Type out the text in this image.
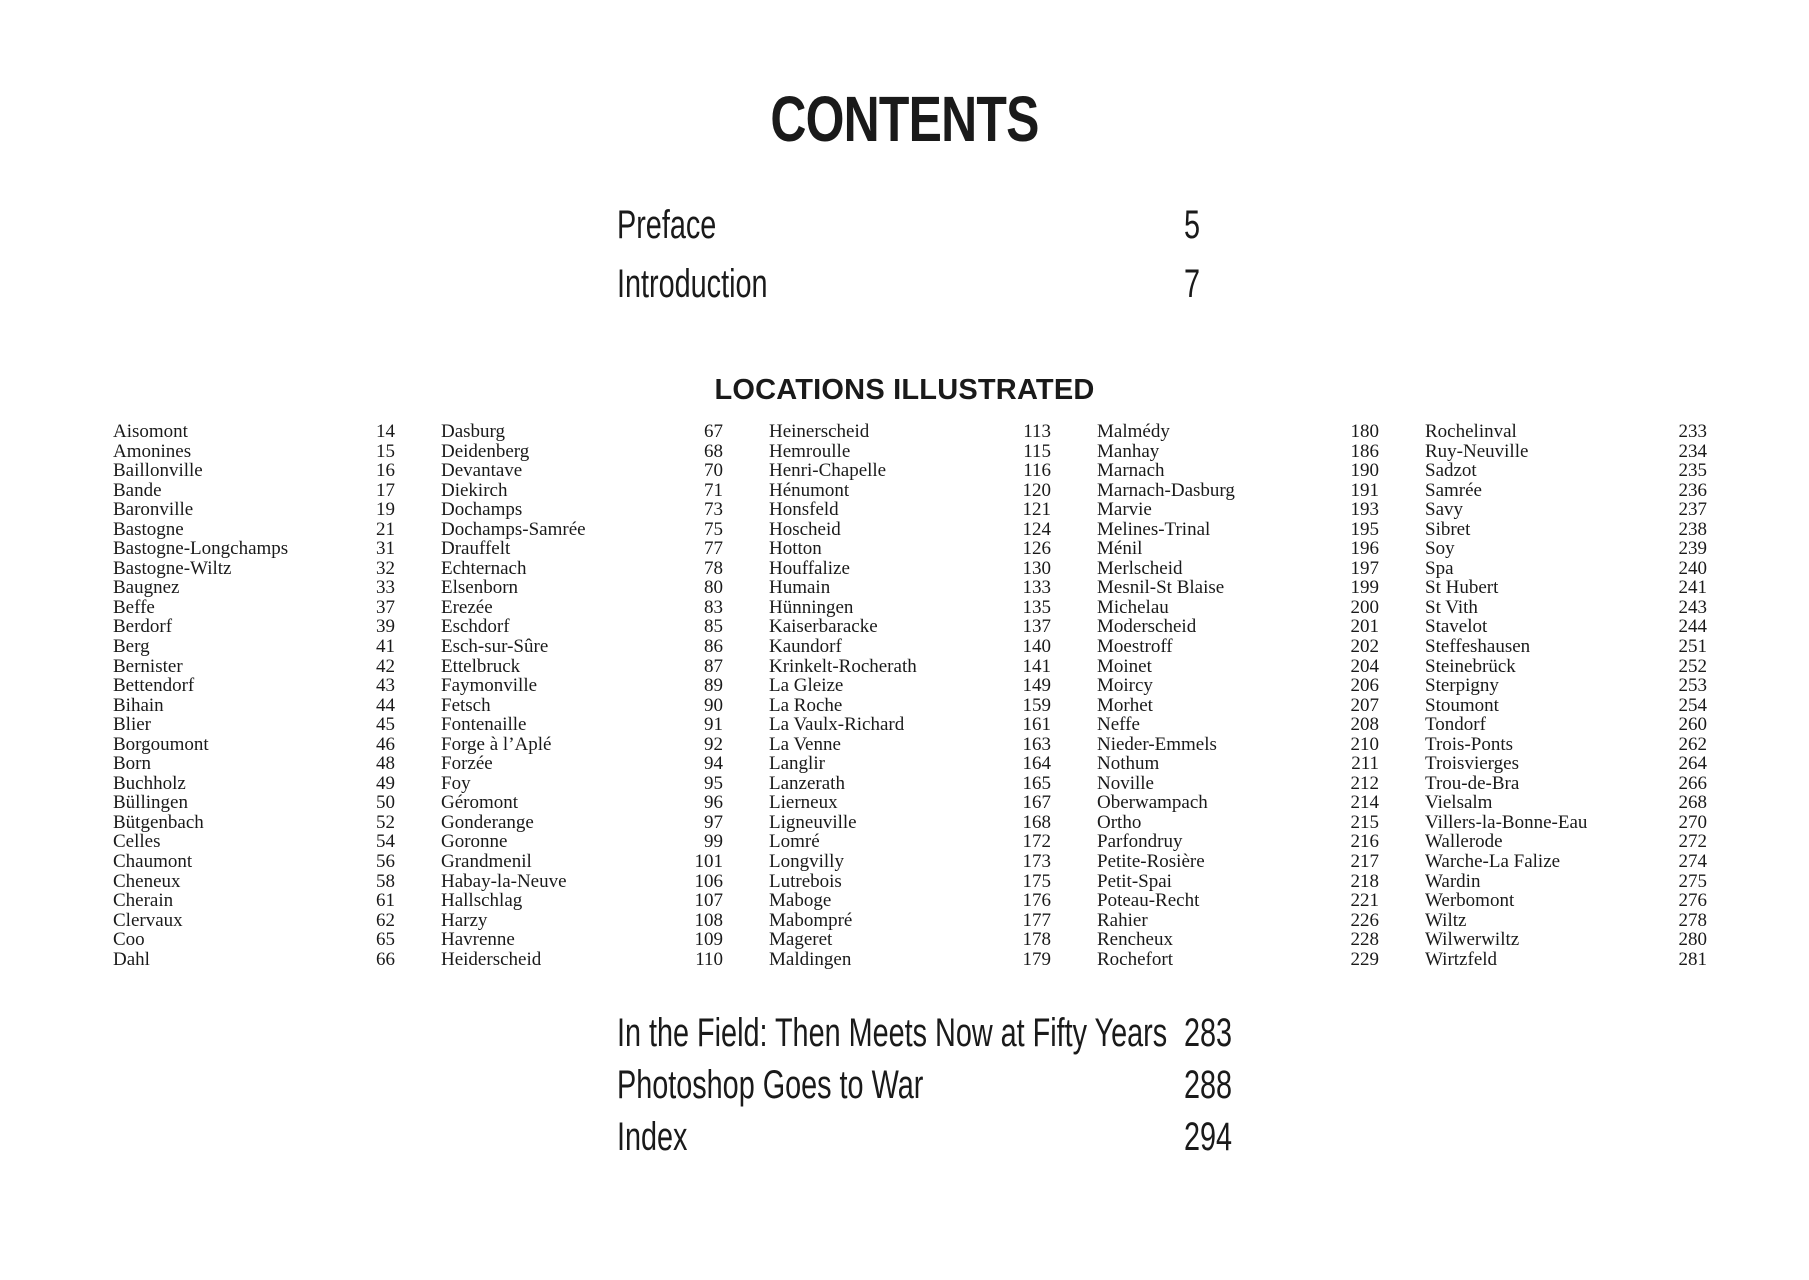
CONTENTS
Preface	5
Introduction	7
LOCATIONS ILLUSTRATED
Aisomont	14
Amonines	15
Baillonville	16
Bande	17
Baronville	19
Bastogne	21
Bastogne-Longchamps	31
Bastogne-Wiltz	32
Baugnez	33
Beffe	37
Berdorf	39
Berg	41
Bernister	42
Bettendorf	43
Bihain	44
Blier	45
Borgoumont	46
Born	48
Buchholz	49
Büllingen	50
Bütgenbach	52
Celles	54
Chaumont	56
Cheneux	58
Cherain	61
Clervaux	62
Coo	65
Dahl	66
Dasburg	67
Deidenberg	68
Devantave	70
Diekirch	71
Dochamps	73
Dochamps-Samrée	75
Drauffelt	77
Echternach	78
Elsenborn	80
Erezée	83
Eschdorf	85
Esch-sur-Sûre	86
Ettelbruck	87
Faymonville	89
Fetsch	90
Fontenaille	91
Forge à l’Aplé	92
Forzée	94
Foy	95
Géromont	96
Gonderange	97
Goronne	99
Grandmenil	101
Habay-la-Neuve	106
Hallschlag	107
Harzy	108
Havrenne	109
Heiderscheid	110
Heinerscheid	113
Hemroulle	115
Henri-Chapelle	116
Hénumont	120
Honsfeld	121
Hoscheid	124
Hotton	126
Houffalize	130
Humain	133
Hünningen	135
Kaiserbaracke	137
Kaundorf	140
Krinkelt-Rocherath	141
La Gleize	149
La Roche	159
La Vaulx-Richard	161
La Venne	163
Langlir	164
Lanzerath	165
Lierneux	167
Ligneuville	168
Lomré	172
Longvilly	173
Lutrebois	175
Maboge	176
Mabompré	177
Mageret	178
Maldingen	179
Malmédy	180
Manhay	186
Marnach	190
Marnach-Dasburg	191
Marvie	193
Melines-Trinal	195
Ménil	196
Merlscheid	197
Mesnil-St Blaise	199
Michelau	200
Moderscheid	201
Moestroff	202
Moinet	204
Moircy	206
Morhet	207
Neffe	208
Nieder-Emmels	210
Nothum	211
Noville	212
Oberwampach	214
Ortho	215
Parfondruy	216
Petite-Rosière	217
Petit-Spai	218
Poteau-Recht	221
Rahier	226
Rencheux	228
Rochefort	229
Rochelinval	233
Ruy-Neuville	234
Sadzot	235
Samrée	236
Savy	237
Sibret	238
Soy	239
Spa	240
St Hubert	241
St Vith	243
Stavelot	244
Steffeshausen	251
Steinebrück	252
Sterpigny	253
Stoumont	254
Tondorf	260
Trois-Ponts	262
Troisvierges	264
Trou-de-Bra	266
Vielsalm	268
Villers-la-Bonne-Eau	270
Wallerode	272
Warche-La Falize	274
Wardin	275
Werbomont	276
Wiltz	278
Wilwerwiltz	280
Wirtzfeld	281
In the Field: Then Meets Now at Fifty Years 283
Photoshop Goes to War	288
Index	294
